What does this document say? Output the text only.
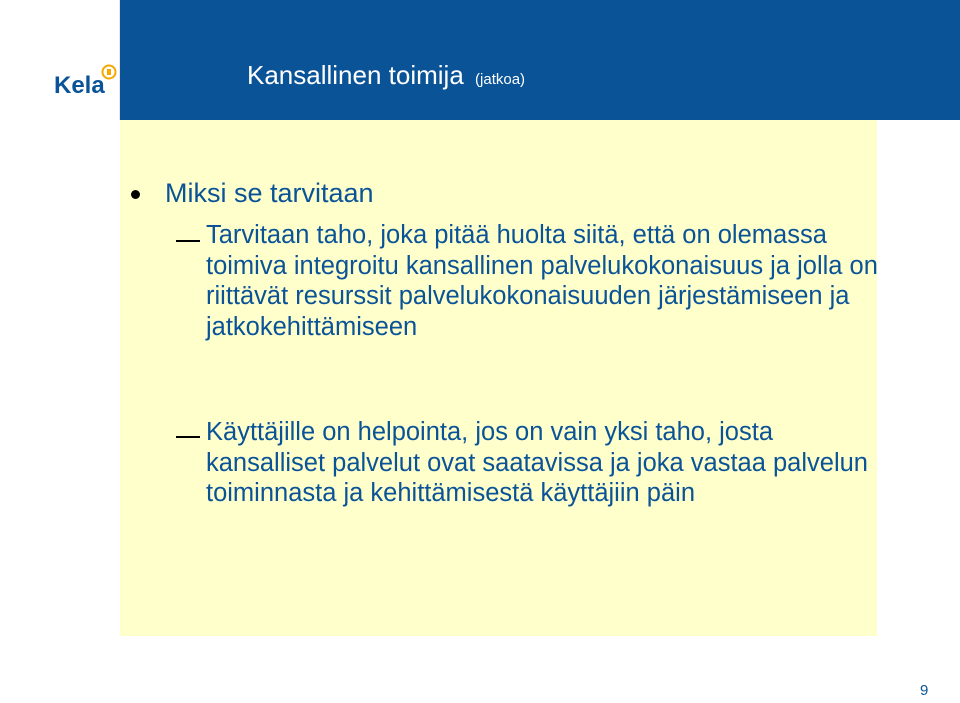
Kela	Kansallinen toimija (jatkoa)
Miksi se tarvitaan
Tarvitaan taho, joka pitää huolta siitä, että on olemassa toimiva integroitu kansallinen palvelukokonaisuus ja jolla on riittävät resurssit palvelukokonaisuuden järjestämiseen ja jatkokehittämiseen
Käyttäjille on helpointa, jos on vain yksi taho, josta kansalliset palvelut ovat saatavissa ja joka vastaa palvelun toiminnasta ja kehittämisestä käyttäjiin päin
9
